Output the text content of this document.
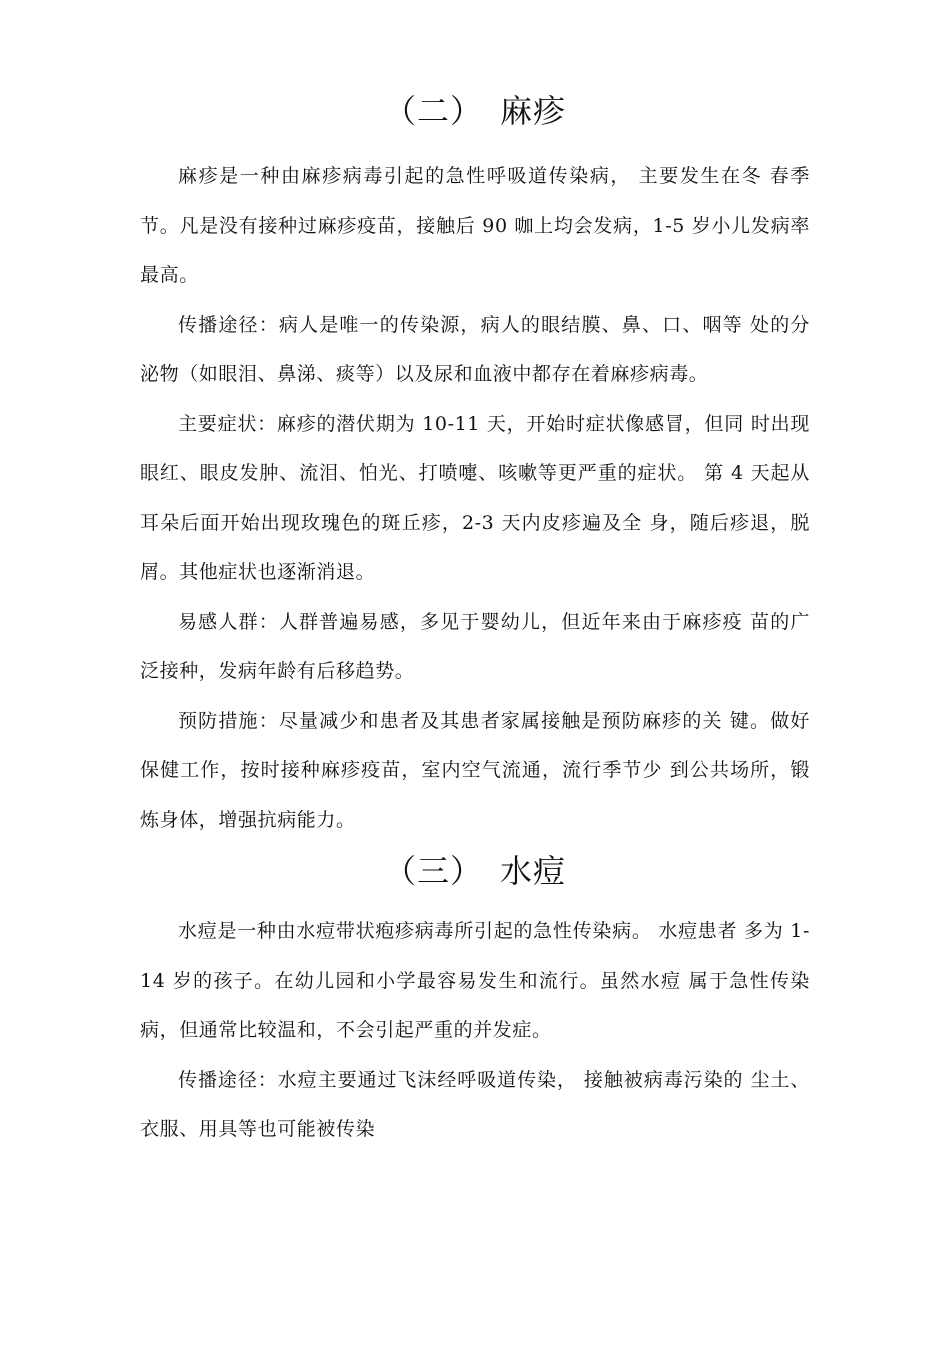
（二）　麻疹

麻疹是一种由麻疹病毒引起的急性呼吸道传染病， 主要发生在冬 春季节。凡是没有接种过麻疹疫苗，接触后 90 咖上均会发病，1-5 岁小儿发病率最高。

传播途径：病人是唯一的传染源，病人的眼结膜、鼻、口、咽等 处的分泌物（如眼泪、鼻涕、痰等）以及尿和血液中都存在着麻疹病毒。

主要症状：麻疹的潜伏期为 10-11 天，开始时症状像感冒，但同 时出现眼红、眼皮发肿、流泪、怕光、打喷嚏、咳嗽等更严重的症状。 第 4 天起从耳朵后面开始出现玫瑰色的斑丘疹，2-3 天内皮疹遍及全 身，随后疹退，脱屑。其他症状也逐渐消退。

易感人群：人群普遍易感，多见于婴幼儿，但近年来由于麻疹疫 苗的广泛接种，发病年龄有后移趋势。

预防措施：尽量减少和患者及其患者家属接触是预防麻疹的关 键。做好保健工作，按时接种麻疹疫苗，室内空气流通，流行季节少 到公共场所，锻炼身体，增强抗病能力。

（三）　水痘

水痘是一种由水痘带状疱疹病毒所引起的急性传染病。 水痘患者 多为 1-14 岁的孩子。在幼儿园和小学最容易发生和流行。虽然水痘 属于急性传染病，但通常比较温和，不会引起严重的并发症。

传播途径：水痘主要通过飞沫经呼吸道传染， 接触被病毒污染的 尘土、衣服、用具等也可能被传染
